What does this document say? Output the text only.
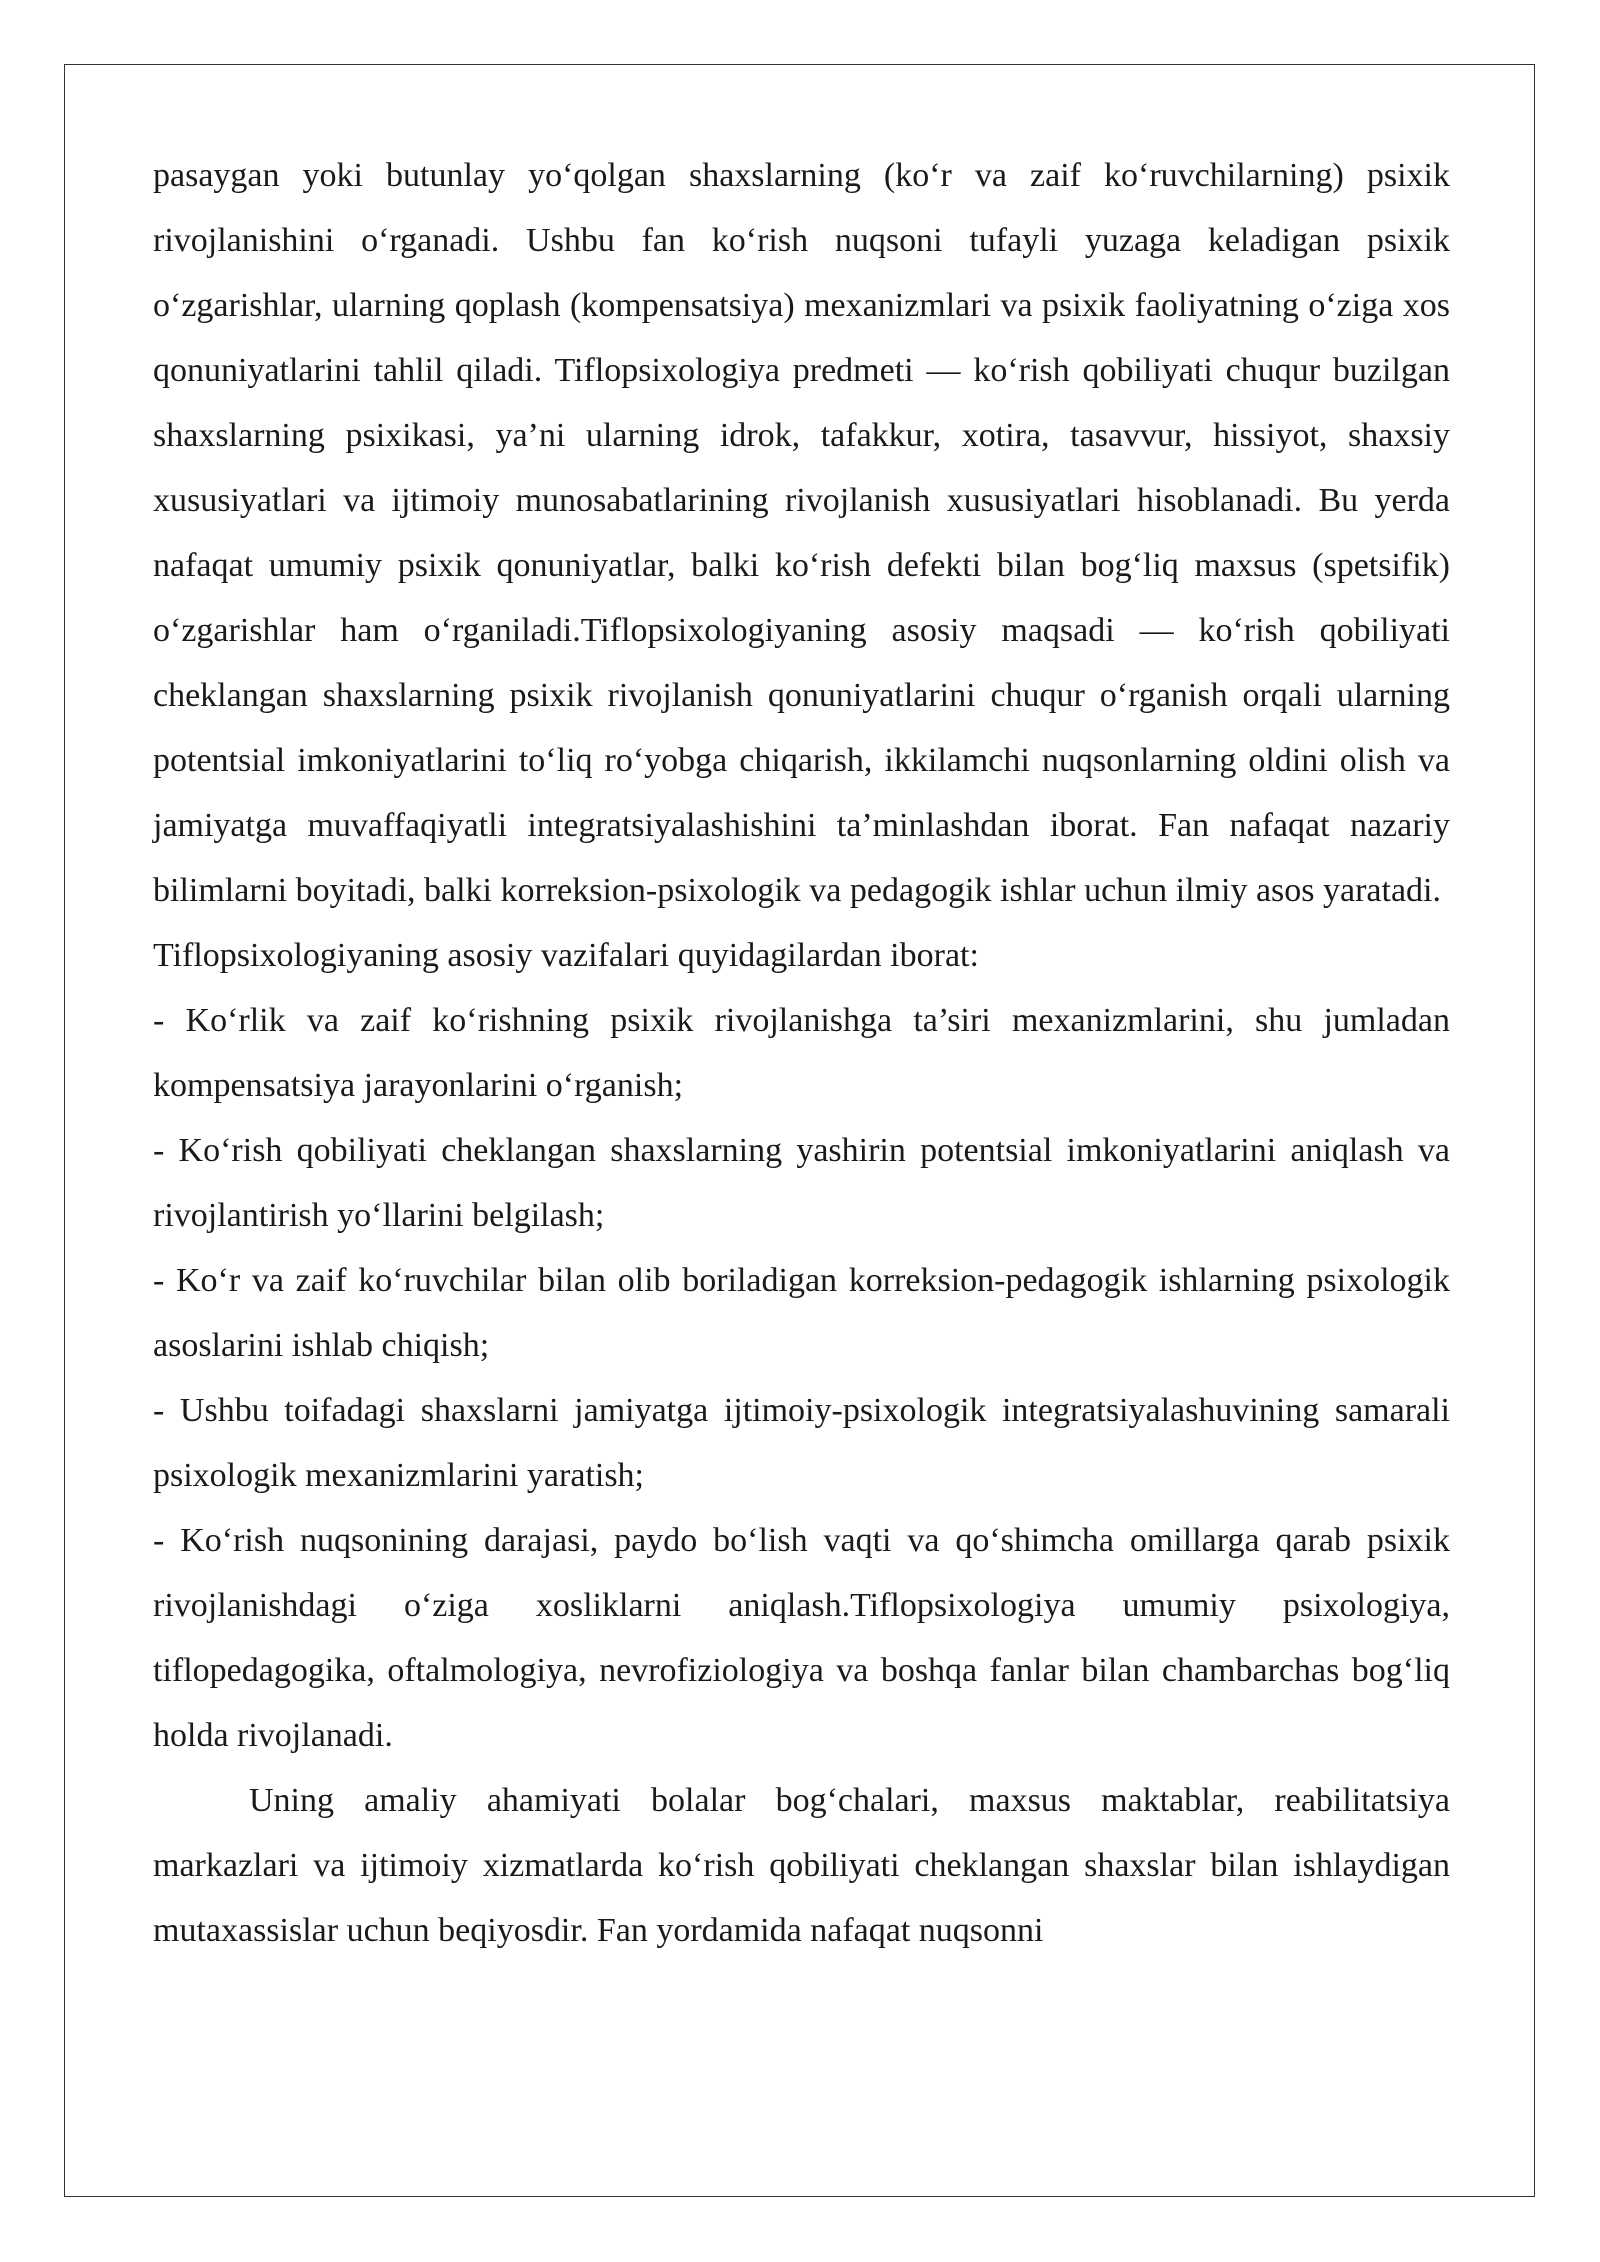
pasaygan yoki butunlay yoʻqolgan shaxslarning (koʻr va zaif koʻruvchilarning) psixik rivojlanishini oʻrganadi. Ushbu fan koʻrish nuqsoni tufayli yuzaga keladigan psixik oʻzgarishlar, ularning qoplash (kompensatsiya) mexanizmlari va psixik faoliyatning oʻziga xos qonuniyatlarini tahlil qiladi. Tiflopsixologiya predmeti — koʻrish qobiliyati chuqur buzilgan shaxslarning psixikasi, ya’ni ularning idrok, tafakkur, xotira, tasavvur, hissiyot, shaxsiy xususiyatlari va ijtimoiy munosabatlarining rivojlanish xususiyatlari hisoblanadi. Bu yerda nafaqat umumiy psixik qonuniyatlar, balki koʻrish defekti bilan bogʻliq maxsus (spetsifik) oʻzgarishlar ham oʻrganiladi.Tiflopsixologiyaning asosiy maqsadi — koʻrish qobiliyati cheklangan shaxslarning psixik rivojlanish qonuniyatlarini chuqur oʻrganish orqali ularning potentsial imkoniyatlarini toʻliq roʻyobga chiqarish, ikkilamchi nuqsonlarning oldini olish va jamiyatga muvaffaqiyatli integratsiyalashishini ta’minlashdan iborat. Fan nafaqat nazariy bilimlarni boyitadi, balki korreksion-psixologik va pedagogik ishlar uchun ilmiy asos yaratadi.

Tiflopsixologiyaning asosiy vazifalari quyidagilardan iborat:

- Koʻrlik va zaif koʻrishning psixik rivojlanishga ta’siri mexanizmlarini, shu jumladan kompensatsiya jarayonlarini oʻrganish;

- Koʻrish qobiliyati cheklangan shaxslarning yashirin potentsial imkoniyatlarini aniqlash va rivojlantirish yoʻllarini belgilash;

- Koʻr va zaif koʻruvchilar bilan olib boriladigan korreksion-pedagogik ishlarning psixologik asoslarini ishlab chiqish;

- Ushbu toifadagi shaxslarni jamiyatga ijtimoiy-psixologik integratsiyalashuvining samarali psixologik mexanizmlarini yaratish;

- Koʻrish nuqsonining darajasi, paydo boʻlish vaqti va qoʻshimcha omillarga qarab psixik rivojlanishdagi oʻziga xosliklarni aniqlash.Tiflopsixologiya umumiy psixologiya, tiflopedagogika, oftalmologiya, nevrofiziologiya va boshqa fanlar bilan chambarchas bogʻliq holda rivojlanadi.

Uning amaliy ahamiyati bolalar bogʻchalari, maxsus maktablar, reabilitatsiya markazlari va ijtimoiy xizmatlarda koʻrish qobiliyati cheklangan shaxslar bilan ishlaydigan mutaxassislar uchun beqiyosdir. Fan yordamida nafaqat nuqsonni
